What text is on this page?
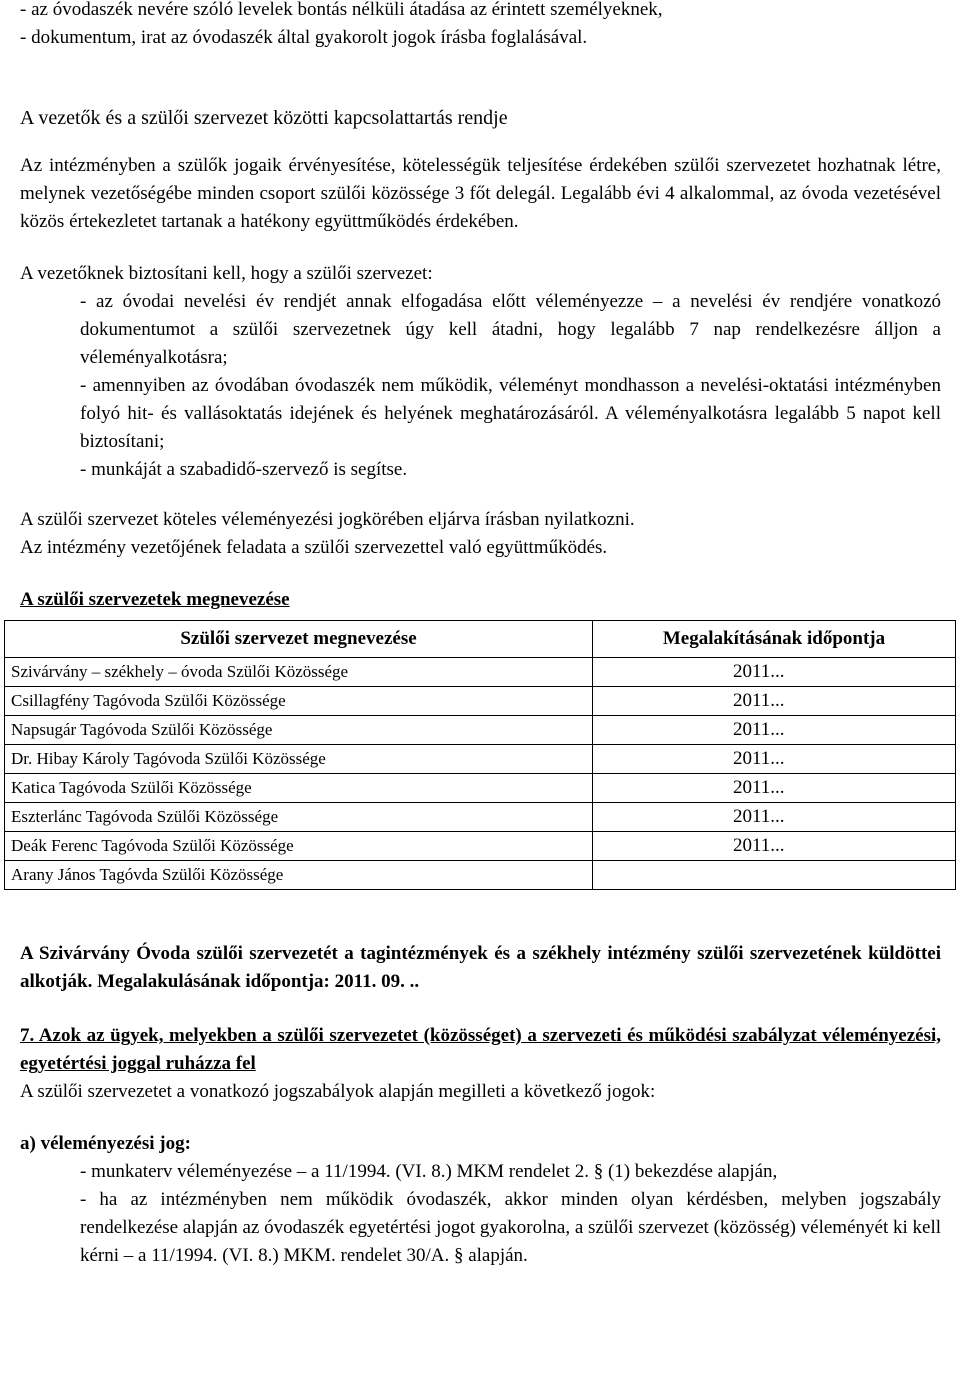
- az óvodaszék nevére szóló levelek bontás nélküli átadása az érintett személyeknek,

- dokumentum, irat az óvodaszék által gyakorolt jogok írásba foglalásával.

A vezetők és a szülői szervezet közötti kapcsolattartás rendje

Az intézményben a szülők jogaik érvényesítése, kötelességük teljesítése érdekében szülői szervezetet hozhatnak létre, melynek vezetőségébe minden csoport szülői közössége 3 főt delegál. Legalább évi 4 alkalommal, az óvoda vezetésével közös értekezletet tartanak a hatékony együttműködés érdekében.

A vezetőknek biztosítani kell, hogy a szülői szervezet:

- az óvodai nevelési év rendjét annak elfogadása előtt véleményezze – a nevelési év rendjére vonatkozó dokumentumot a szülői szervezetnek úgy kell átadni, hogy legalább 7 nap rendelkezésre álljon a véleményalkotásra;

- amennyiben az óvodában óvodaszék nem működik, véleményt mondhasson a nevelési-oktatási intézményben folyó hit- és vallásoktatás idejének és helyének meghatározásáról. A véleményalkotásra legalább 5 napot kell biztosítani;

- munkáját a szabadidő-szervező is segítse.

A szülői szervezet köteles véleményezési jogkörében eljárva írásban nyilatkozni.

Az intézmény vezetőjének feladata a szülői szervezettel való együttműködés.

A szülői szervezetek megnevezése

Szülői szervezet megnevezése	Megalakításának időpontja
Szivárvány – székhely – óvoda Szülői Közössége	2011...
Csillagfény Tagóvoda Szülői Közössége	2011...
Napsugár Tagóvoda Szülői Közössége	2011...
Dr. Hibay Károly Tagóvoda Szülői Közössége	2011...
Katica Tagóvoda Szülői Közössége	2011...
Eszterlánc Tagóvoda Szülői Közössége	2011...
Deák Ferenc Tagóvoda Szülői Közössége	2011...
Arany János Tagóvda Szülői Közössége	

A Szivárvány Óvoda szülői szervezetét a tagintézmények és a székhely intézmény szülői szervezetének küldöttei alkotják. Megalakulásának időpontja: 2011. 09. ..

7. Azok az ügyek, melyekben a szülői szervezetet (közösséget) a szervezeti és működési szabályzat véleményezési, egyetértési joggal ruházza fel

A szülői szervezetet a vonatkozó jogszabályok alapján megilleti a következő jogok:

a) véleményezési jog:

- munkaterv véleményezése – a 11/1994. (VI. 8.) MKM rendelet 2. § (1) bekezdése alapján,

- ha az intézményben nem működik óvodaszék, akkor minden olyan kérdésben, melyben jogszabály rendelkezése alapján az óvodaszék egyetértési jogot gyakorolna, a szülői szervezet (közösség) véleményét ki kell kérni – a 11/1994. (VI. 8.) MKM. rendelet 30/A. § alapján.
